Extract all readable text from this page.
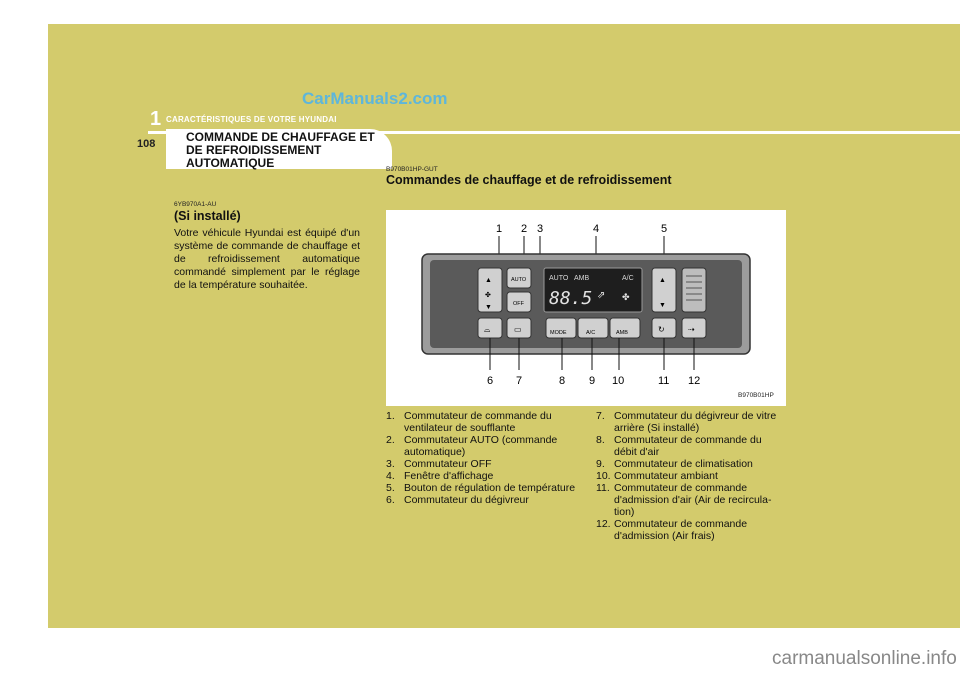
1 CARACTÉRISTIQUES DE VOTRE HYUNDAI
108
CarManuals2.com
COMMANDE DE CHAUFFAGE ET DE REFROIDISSEMENT AUTOMATIQUE
6YB970A1-AU
(Si installé)
Votre véhicule Hyundai est équipé d'un système de commande de chauffage et de refroidissement automatique commandé simplement par le réglage de la température souhaitée.
B970B01HP-GUT
Commandes de chauffage et de refroidissement
1 2 3	4	5
▲
✤
▼
AUTO
OFF
AUTO AMB	A/C
88.5 ⇗ ✤
▲
▼
⌓	▭	MODE	A/C	AMB	↻	⇢
6 7	8 9 10	11 12
B970B01HP
1. Commutateur de commande du ventilateur de soufflante
2. Commutateur AUTO (commande automatique)
3. Commutateur OFF
4. Fenêtre d'affichage
5. Bouton de régulation de température
6. Commutateur du dégivreur
7. Commutateur du dégivreur de vitre arrière (Si installé)
8. Commutateur de commande du débit d'air
9. Commutateur de climatisation
10. Commutateur ambiant
11. Commutateur de commande d'admission d'air (Air de recircula-tion)
12. Commutateur de commande d'admission (Air frais)
carmanualsonline.info
